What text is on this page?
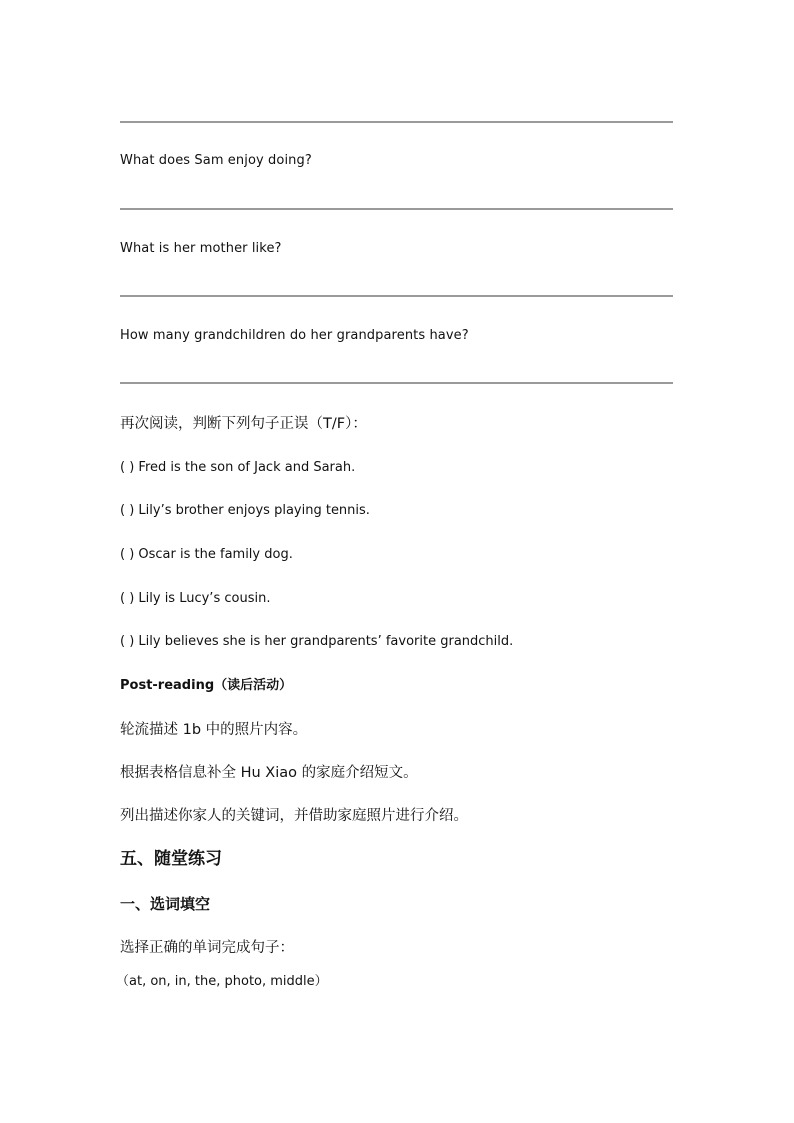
What does Sam enjoy doing?
What is her mother like?
How many grandchildren do her grandparents have?
再次阅读，判断下列句子正误（T/F）：
( ) Fred is the son of Jack and Sarah.
( ) Lily’s brother enjoys playing tennis.
( ) Oscar is the family dog.
( ) Lily is Lucy’s cousin.
( ) Lily believes she is her grandparents’ favorite grandchild.
Post-reading（读后活动）
轮流描述 1b 中的照片内容。
根据表格信息补全 Hu Xiao 的家庭介绍短文。
列出描述你家人的关键词，并借助家庭照片进行介绍。
五、随堂练习
一、选词填空
选择正确的单词完成句子：
（at, on, in, the, photo, middle）
